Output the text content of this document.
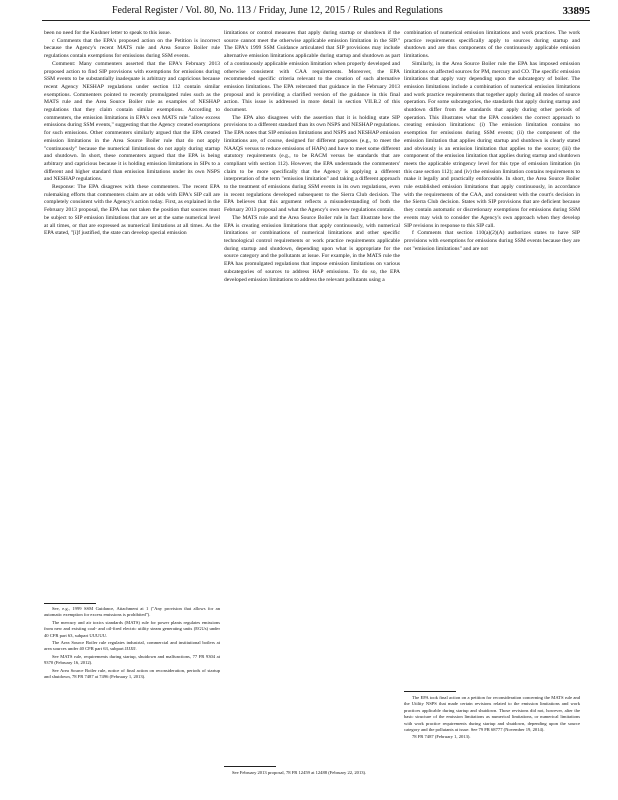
Federal Register / Vol. 80, No. 113 / Friday, June 12, 2015 / Rules and Regulations	33895

been no need for the Kushner letter to speak to this issue.

c Comments that the EPA's proposed action on the Petition is incorrect because the Agency's recent MATS rule and Area Source Boiler rule regulations contain exemptions for emissions during SSM events.

Comment: Many commenters asserted that the EPA's February 2013 proposed action to find SIP provisions with exemptions for emissions during SSM events to be substantially inadequate is arbitrary and capricious because recent Agency NESHAP regulations under section 112 contain similar exemptions. Commenters pointed to recently promulgated rules such as the MATS rule and the Area Source Boiler rule as examples of NESHAP regulations that they claim contain similar exemptions. According to commenters, the emission limitations in EPA's own MATS rule "allow excess emissions during SSM events," suggesting that the Agency created exemptions for such emissions. Other commenters similarly argued that the EPA created emission limitations in the Area Source Boiler rule that do not apply "continuously" because the numerical limitations do not apply during startup and shutdown. In short, these commenters argued that the EPA is being arbitrary and capricious because it is holding emission limitations in SIPs to a different and higher standard than emission limitations under its own NSPS and NESHAP regulations.

Response: The EPA disagrees with these commenters. The recent EPA rulemaking efforts that commenters claim are at odds with EPA's SIP call are completely consistent with the Agency's action today. First, as explained in the February 2013 proposal, the EPA has not taken the position that sources must be subject to SIP emission limitations that are set at the same numerical level at all times, or that are expressed as numerical limitations at all times. As the EPA stated, "[i]f justified, the state can develop special emission

limitations or control measures that apply during startup or shutdown if the source cannot meet the otherwise applicable emission limitation in the SIP." The EPA's 1999 SSM Guidance articulated that SIP provisions may include alternative emission limitations applicable during startup and shutdown as part of a continuously applicable emission limitation when properly developed and otherwise consistent with CAA requirements. Moreover, the EPA recommended specific criteria relevant to the creation of such alternative emission limitations. The EPA reiterated that guidance in the February 2013 proposal and is providing a clarified version of the guidance in this final action. This issue is addressed in more detail in section VII.B.2 of this document.

The EPA also disagrees with the assertion that it is holding state SIP provisions to a different standard than its own NSPS and NESHAP regulations. The EPA notes that SIP emission limitations and NSPS and NESHAP emission limitations are, of course, designed for different purposes (e.g., to meet the NAAQS versus to reduce emissions of HAPs) and have to meet some different statutory requirements (e.g., to be RACM versus be standards that are compliant with section 112). However, the EPA understands the commenters' claim to be more specifically that the Agency is applying a different interpretation of the term "emission limitation" and taking a different approach to the treatment of emissions during SSM events in its own regulations, even in recent regulations developed subsequent to the Sierra Club decision. The EPA believes that this argument reflects a misunderstanding of both the February 2013 proposal and what the Agency's own new regulations contain.

The MATS rule and the Area Source Boiler rule in fact illustrate how the EPA is creating emission limitations that apply continuously, with numerical limitations or combinations of numerical limitations and other specific technological control requirements or work practice requirements applicable during startup and shutdown, depending upon what is appropriate for the source category and the pollutants at issue. For example, in the MATS rule the EPA has promulgated regulations that impose emission limitations on various subcategories of sources to address HAP emissions. To do so, the EPA developed emission limitations to address the relevant pollutants using a

combination of numerical emission limitations and work practices. The work practice requirements specifically apply to sources during startup and shutdown and are thus components of the continuously applicable emission limitations.

Similarly, in the Area Source Boiler rule the EPA has imposed emission limitations on affected sources for PM, mercury and CO. The specific emission limitations that apply vary depending upon the subcategory of boiler. The emission limitations include a combination of numerical emission limitations and work practice requirements that together apply during all modes of source operation. For some subcategories, the standards that apply during startup and shutdown differ from the standards that apply during other periods of operation. This illustrates what the EPA considers the correct approach to creating emission limitations: (i) The emission limitation contains no exemption for emissions during SSM events; (ii) the component of the emission limitation that applies during startup and shutdown is clearly stated and obviously is an emission limitation that applies to the source; (iii) the component of the emission limitation that applies during startup and shutdown meets the applicable stringency level for this type of emission limitation (in this case section 112); and (iv) the emission limitation contains requirements to make it legally and practically enforceable. In short, the Area Source Boiler rule established emission limitations that apply continuously, in accordance with the requirements of the CAA, and consistent with the court's decision in the Sierra Club decision. States with SIP provisions that are deficient because they contain automatic or discretionary exemptions for emissions during SSM events may wish to consider the Agency's own approach when they develop SIP revisions in response to this SIP call.

f Comments that section 110(a)(2)(A) authorizes states to have SIP provisions with exemptions for emissions during SSM events because they are not "emission limitations" and are not

See, e.g., 1999 SSM Guidance, Attachment at 1 ("Any provision that allows for an automatic exemption for excess emissions is prohibited").

The mercury and air toxics standards (MATS) rule for power plants regulates emissions from new and existing coal- and oil-fired electric utility steam generating units (EGUs) under 40 CFR part 63, subpart UUUUU.

The Area Source Boiler rule regulates industrial, commercial and institutional boilers at area sources under 40 CFR part 63, subpart JJJJJJ.

See MATS rule, requirements during startup, shutdown and malfunctions, 77 FR 9304 at 9370 (February 16, 2012).

See Area Source Boiler rule, notice of final action on reconsideration, periods of startup and shutdown, 78 FR 7487 at 7496 (February 1, 2013).

See February 2013 proposal, 78 FR 12459 at 12488 (February 22, 2013).

The EPA took final action on a petition for reconsideration concerning the MATS rule and the Utility NSPS that made certain revisions related to the emission limitations and work practices applicable during startup and shutdown. Those revisions did not, however, alter the basic structure of the emission limitations as numerical limitations, or numerical limitations with work practice requirements during startup and shutdown, depending upon the source category and the pollutants at issue. See 79 FR 68777 (November 19, 2014).

78 FR 7487 (February 1, 2013).
